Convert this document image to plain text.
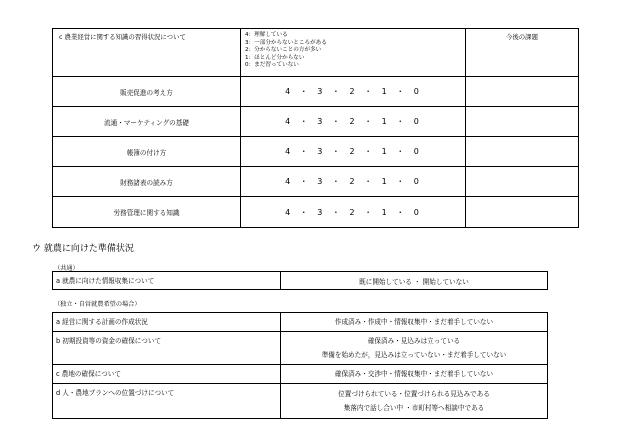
c 農業経営に関する知識の習得状況について	4：理解している
3：一部分からないところがある
2：分からないことの方が多い
1：ほとんど分からない
0：まだ習っていない	今後の課題
販売促進の考え方	4 ・ 3 ・ 2 ・ 1 ・ 0	
流通・マーケティングの基礎	4 ・ 3 ・ 2 ・ 1 ・ 0	
帳簿の付け方	4 ・ 3 ・ 2 ・ 1 ・ 0	
財務諸表の読み方	4 ・ 3 ・ 2 ・ 1 ・ 0	
労務管理に関する知識	4 ・ 3 ・ 2 ・ 1 ・ 0	
ウ 就農に向けた準備状況
（共通）
a 就農に向けた情報収集について	既に開始している ・ 開始していない
（独立・自営就農希望の場合）
a 経営に関する計画の作成状況	作成済み・作成中・情報収集中・まだ着手していない

b 初期投資等の資金の確保について	確保済み・見込みは立っている
準備を始めたが，見込みは立っていない・まだ着手していない

c 農地の確保について	確保済み・交渉中・情報収集中・まだ着手していない

d 人・農地プランへの位置づけについて	位置づけられている・位置づけられる見込みである
集落内で話し合い中 ・市町村等へ相談中である
